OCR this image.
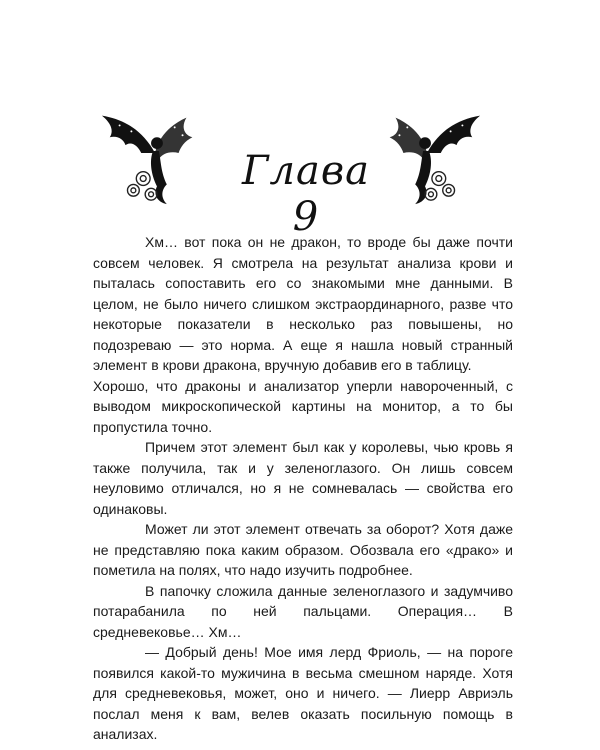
Глава 9

Хм… вот пока он не дракон, то вроде бы даже почти совсем человек. Я смотрела на результат анализа крови и пыталась сопоставить его со знакомыми мне данными. В целом, не было ничего слишком экстраординарного, разве что некоторые показатели в несколько раз повышены, но подозреваю — это норма. А еще я нашла новый странный элемент в крови дракона, вручную добавив его в таблицу.

Хорошо, что драконы и анализатор уперли навороченный, с выводом микроскопической картины на монитор, а то бы пропустила точно.

Причем этот элемент был как у королевы, чью кровь я также получила, так и у зеленоглазого. Он лишь совсем неуловимо отличался, но я не сомневалась — свойства его одинаковы.

Может ли этот элемент отвечать за оборот? Хотя даже не представляю пока каким образом. Обозвала его «драко» и пометила на полях, что надо изучить подробнее.

В папочку сложила данные зеленоглазого и задумчиво потарабанила по ней пальцами. Операция… В средневековье… Хм…

— Добрый день! Мое имя лерд Фриоль, — на пороге появился какой-то мужичина в весьма смешном наряде. Хотя для средневековья, может, оно и ничего. — Лиерр Авриэль послал меня к вам, велев оказать посильную помощь в анализах.
